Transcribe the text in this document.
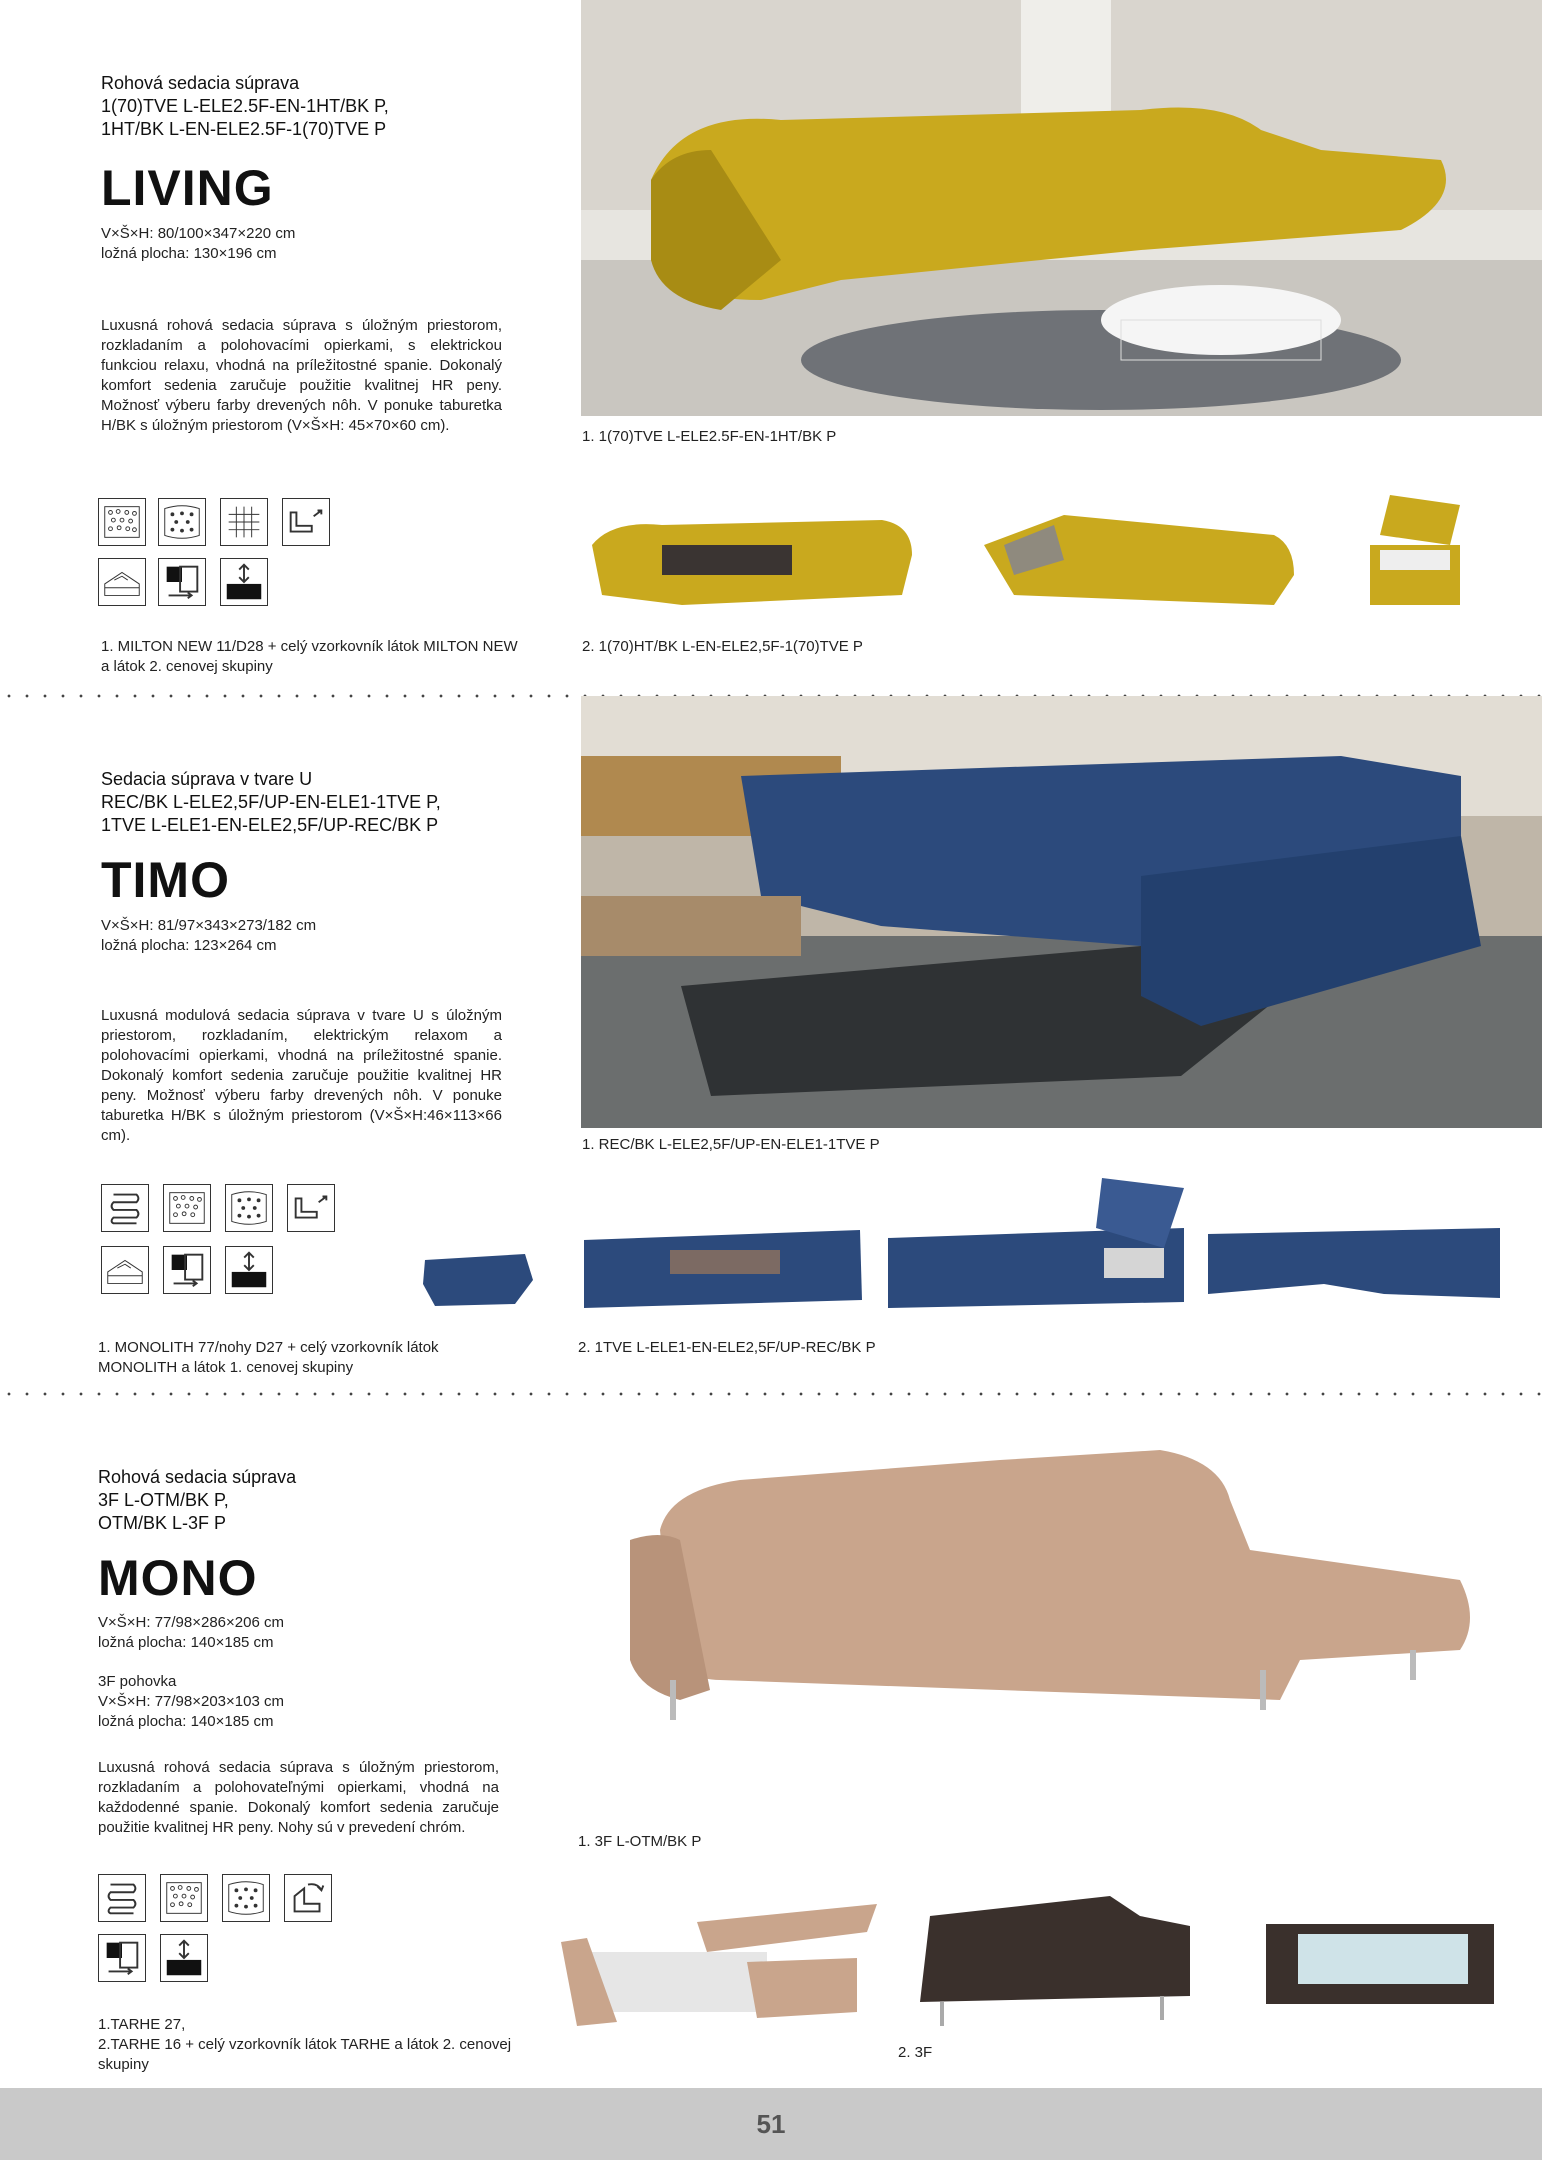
Rohová sedacia súprava
1(70)TVE L-ELE2.5F-EN-1HT/BK P,
1HT/BK L-EN-ELE2.5F-1(70)TVE P
LIVING
V×Š×H: 80/100×347×220 cm
ložná plocha: 130×196 cm
Luxusná rohová sedacia súprava s úložným priestorom, rozkladaním a polohovacími opierkami, s elektrickou funkciou relaxu, vhodná na príležitostné spanie. Dokonalý komfort sedenia zaručuje použitie kvalitnej HR peny. Možnosť výberu farby drevených nôh. V ponuke taburetka H/BK s úložným priestorom (V×Š×H: 45×70×60 cm).
1. 1(70)TVE L-ELE2.5F-EN-1HT/BK P
1. MILTON NEW 11/D28 + celý vzorkovník látok MILTON NEW
a látok 2. cenovej skupiny
2. 1(70)HT/BK L-EN-ELE2,5F-1(70)TVE P
Sedacia súprava v tvare U
REC/BK L-ELE2,5F/UP-EN-ELE1-1TVE P,
1TVE L-ELE1-EN-ELE2,5F/UP-REC/BK P
TIMO
V×Š×H: 81/97×343×273/182 cm
ložná plocha: 123×264 cm
Luxusná modulová sedacia súprava v tvare U s úložným priestorom, rozkladaním, elektrickým relaxom a polohovacími opierkami, vhodná na príležitostné spanie. Dokonalý komfort sedenia zaručuje použitie kvalitnej HR peny. Možnosť výberu farby drevených nôh. V ponuke taburetka H/BK s úložným priestorom (V×Š×H:46×113×66 cm).
1. REC/BK L-ELE2,5F/UP-EN-ELE1-1TVE P
1. MONOLITH 77/nohy D27 + celý vzorkovník látok
MONOLITH a látok 1. cenovej skupiny
2. 1TVE L-ELE1-EN-ELE2,5F/UP-REC/BK P
Rohová sedacia súprava
3F L-OTM/BK P,
OTM/BK L-3F P
MONO
V×Š×H: 77/98×286×206 cm
ložná plocha: 140×185 cm
3F pohovka
V×Š×H: 77/98×203×103 cm
ložná plocha: 140×185 cm
Luxusná rohová sedacia súprava s úložným priestorom, rozkladaním a polohovateľnými opierkami, vhodná na každodenné spanie. Dokonalý komfort sedenia zaručuje použitie kvalitnej HR peny. Nohy sú v prevedení chróm.
1. 3F L-OTM/BK P
1.TARHE 27,
2.TARHE 16 + celý vzorkovník látok TARHE a látok 2. cenovej
skupiny
2. 3F
51
